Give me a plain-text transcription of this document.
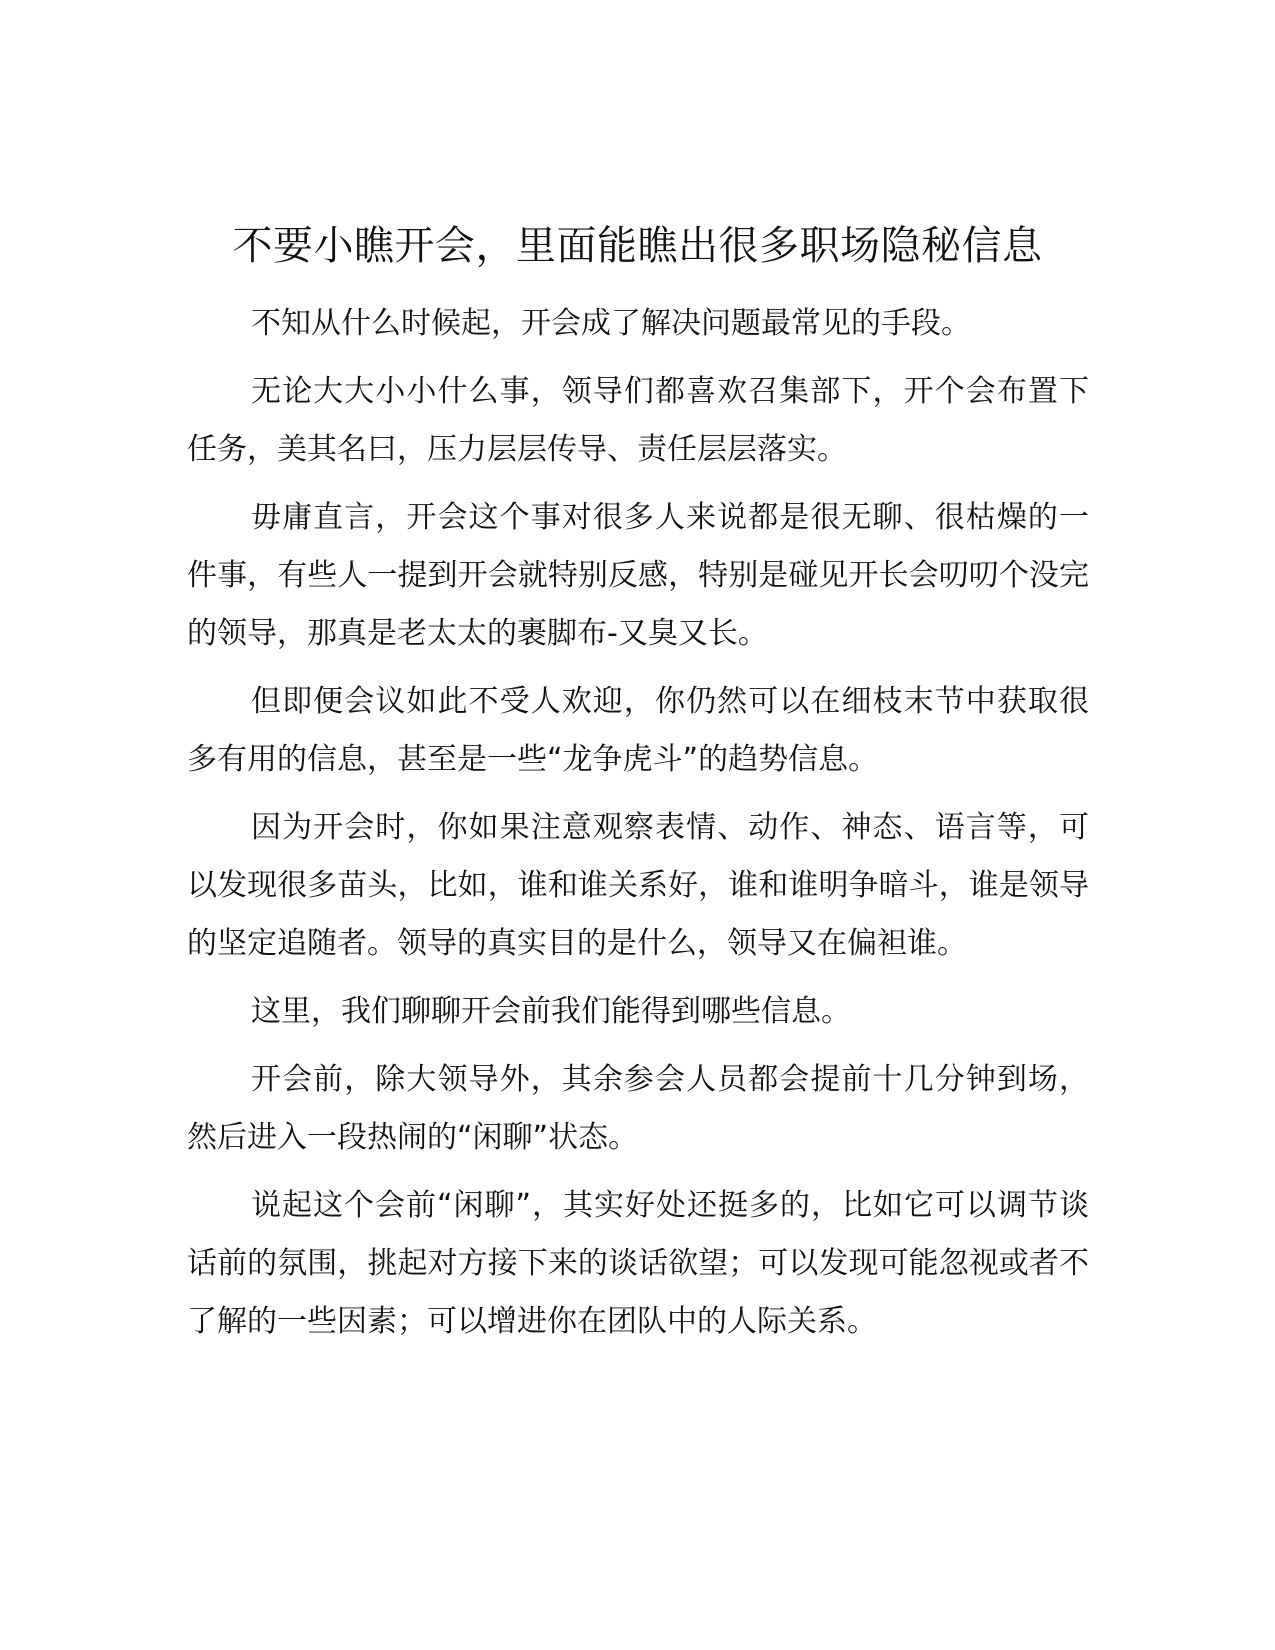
不要小瞧开会，里面能瞧出很多职场隐秘信息

不知从什么时候起，开会成了解决问题最常见的手段。

无论大大小小什么事，领导们都喜欢召集部下，开个会布置下任务，美其名曰，压力层层传导、责任层层落实。

毋庸直言，开会这个事对很多人来说都是很无聊、很枯燥的一件事，有些人一提到开会就特别反感，特别是碰见开长会叨叨个没完的领导，那真是老太太的裹脚布-又臭又长。

但即便会议如此不受人欢迎，你仍然可以在细枝末节中获取很多有用的信息，甚至是一些“龙争虎斗”的趋势信息。

因为开会时，你如果注意观察表情、动作、神态、语言等，可以发现很多苗头，比如，谁和谁关系好，谁和谁明争暗斗，谁是领导的坚定追随者。领导的真实目的是什么，领导又在偏袒谁。

这里，我们聊聊开会前我们能得到哪些信息。

开会前，除大领导外，其余参会人员都会提前十几分钟到场，然后进入一段热闹的“闲聊”状态。

说起这个会前“闲聊”，其实好处还挺多的，比如它可以调节谈话前的氛围，挑起对方接下来的谈话欲望；可以发现可能忽视或者不了解的一些因素；可以增进你在团队中的人际关系。
